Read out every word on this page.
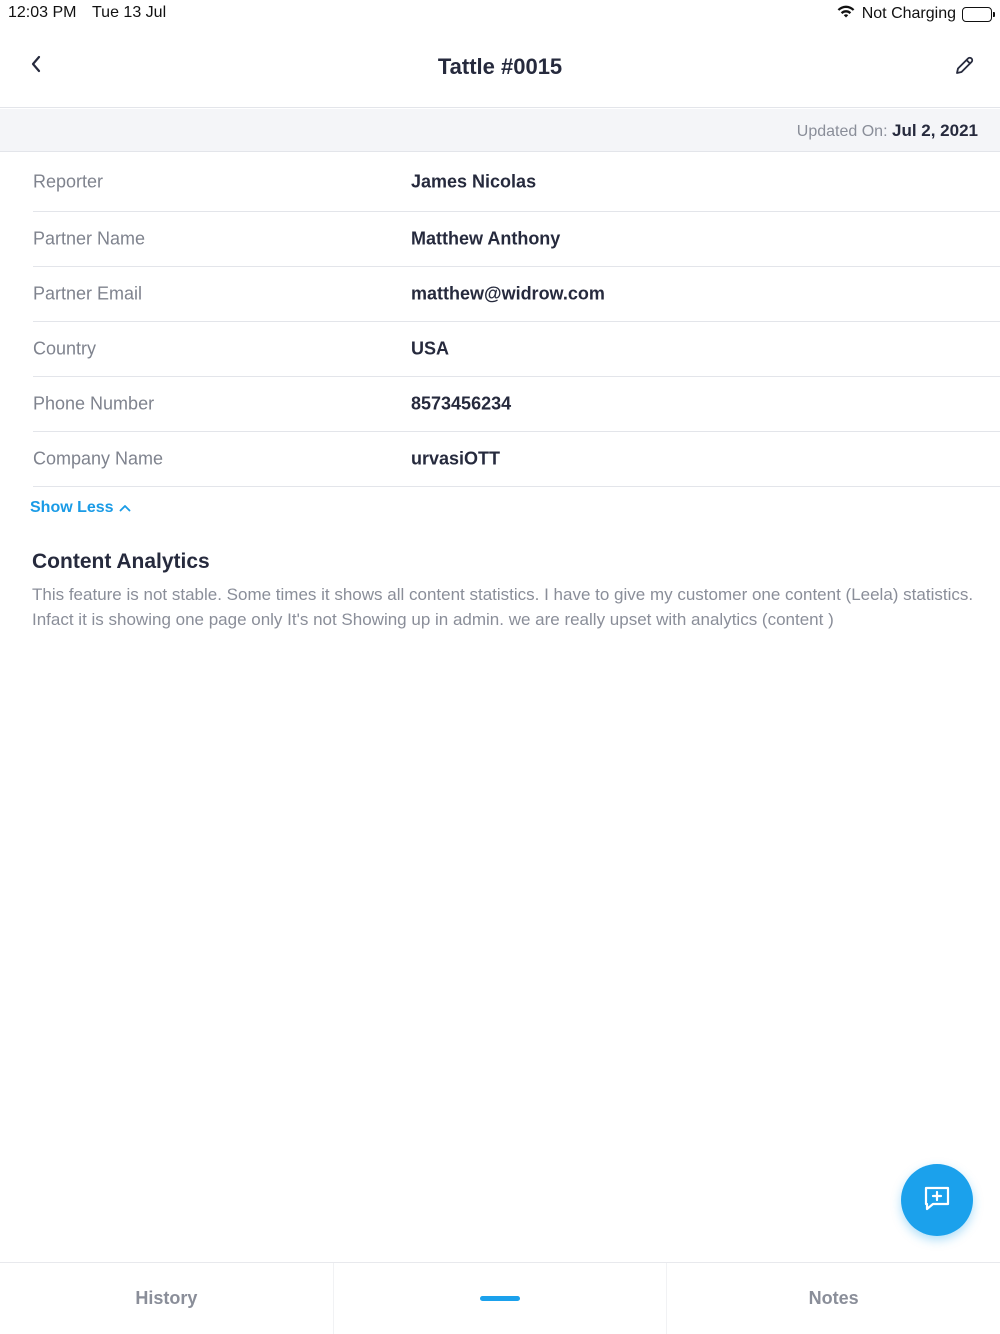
12:03 PM Tue 13 Jul	Not Charging
Tattle #0015
Updated On: Jul 2, 2021
Reporter	James Nicolas
Partner Name	Matthew Anthony
Partner Email	matthew@widrow.com
Country	USA
Phone Number	8573456234
Company Name	urvasiOTT
Show Less
Content Analytics
This feature is not stable. Some times it shows all content statistics. I have to give my customer one content (Leela) statistics. Infact it is showing one page only It's not Showing up in admin. we are really upset with analytics (content )
History	Notes
